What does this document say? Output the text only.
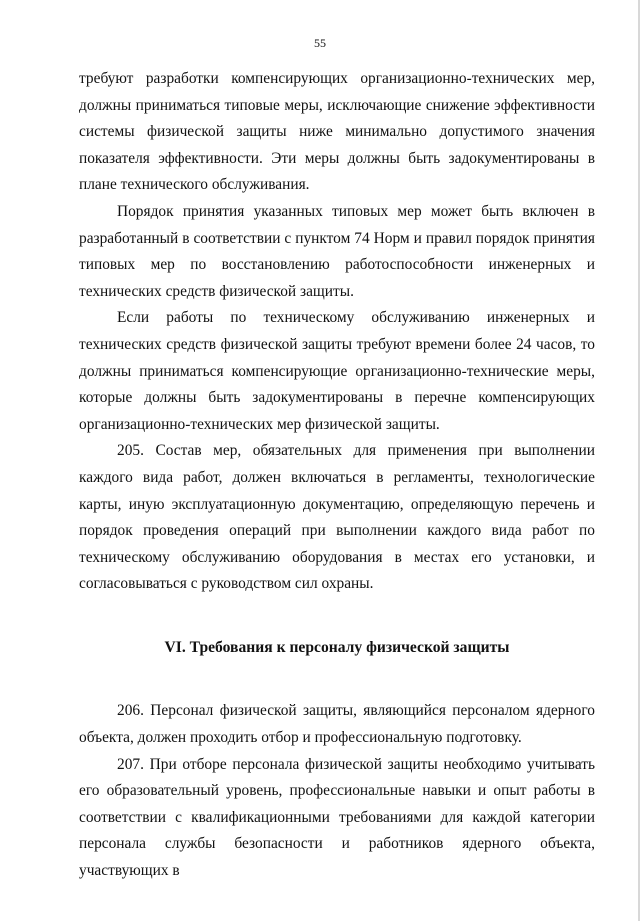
55

требуют разработки компенсирующих организационно-технических мер, должны приниматься типовые меры, исключающие снижение эффективности системы физической защиты ниже минимально допустимого значения показателя эффективности. Эти меры должны быть задокументированы в плане технического обслуживания.

Порядок принятия указанных типовых мер может быть включен в разработанный в соответствии с пунктом 74 Норм и правил порядок принятия типовых мер по восстановлению работоспособности инженерных и технических средств физической защиты.

Если работы по техническому обслуживанию инженерных и технических средств физической защиты требуют времени более 24 часов, то должны приниматься компенсирующие организационно-технические меры, которые должны быть задокументированы в перечне компенсирующих организационно-технических мер физической защиты.

205. Состав мер, обязательных для применения при выполнении каждого вида работ, должен включаться в регламенты, технологические карты, иную эксплуатационную документацию, определяющую перечень и порядок проведения операций при выполнении каждого вида работ по техническому обслуживанию оборудования в местах его установки, и согласовываться с руководством сил охраны.

VI. Требования к персоналу физической защиты

206. Персонал физической защиты, являющийся персоналом ядерного объекта, должен проходить отбор и профессиональную подготовку.

207. При отборе персонала физической защиты необходимо учитывать его образовательный уровень, профессиональные навыки и опыт работы в соответствии с квалификационными требованиями для каждой категории персонала службы безопасности и работников ядерного объекта, участвующих в
